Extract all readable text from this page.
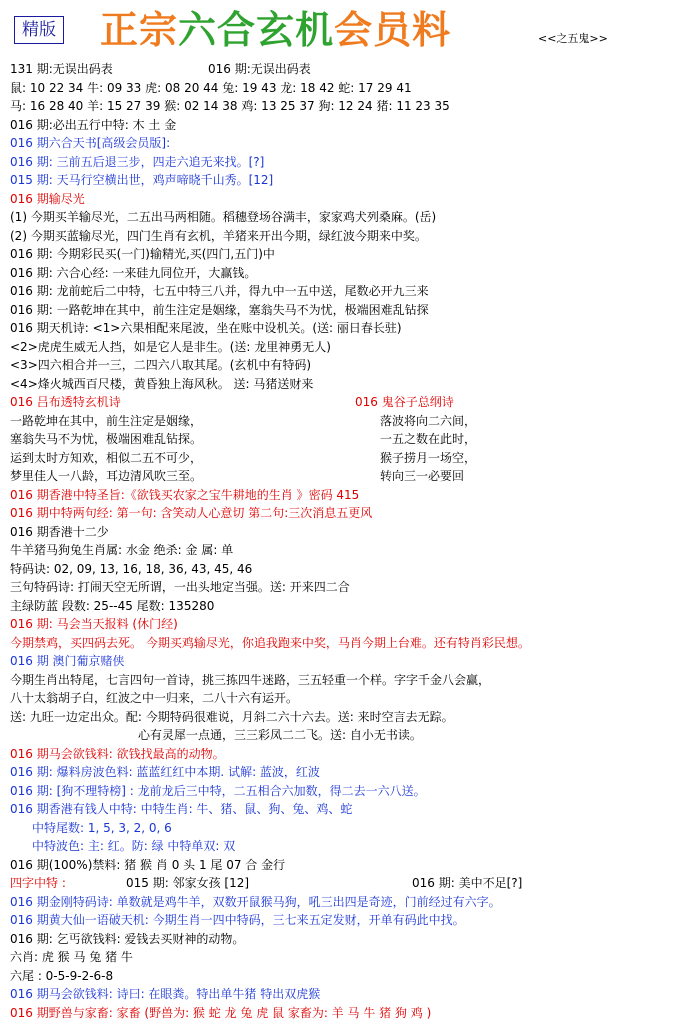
精版 正宗六合玄机会员料	<<之五鬼>>
131 期:无误出码表	016 期:无误出码表
鼠: 10 22 34 牛: 09 33 虎: 08 20 44 兔: 19 43 龙: 18 42 蛇: 17 29 41
马: 16 28 40 羊: 15 27 39 猴: 02 14 38 鸡: 13 25 37 狗: 12 24 猪: 11 23 35
016 期:必出五行中特: 木 土 金
016 期六合天书[高级会员版]:
016 期: 三前五后退三步，四走六追无来找。[?]
015 期: 天马行空横出世，鸡声啼晓千山秀。[12]
016 期输尽光
(1) 今期买羊输尽光，二五出马两相随。稻穗登场谷满丰，家家鸡犬列桑麻。(岳)
(2) 今期买蓝输尽光，四门生肖有玄机，羊猪来开出今期，绿红波今期来中奖。
016 期: 今期彩民买(一门)输精光,买(四门,五门)中
016 期: 六合心经: 一来硅九同位开，大赢钱。
016 期: 龙前蛇后二中特，七五中特三八并，得九中一五中送，尾数必开九三来
016 期: 一路乾坤在其中，前生注定是姻缘，塞翁失马不为忧，极端困难乱钻探
016 期天机诗: <1>六果相配来尾波，坐在账中设机关。(送: 丽日春长驻)
<2>虎虎生威无人挡，如是它人是非生。(送: 龙里神勇无人)
<3>四六相合并一三，二四六八取其尾。(玄机中有特码)
<4>烽火城西百尺楼，黄昏独上海风秋。 送: 马猪送财来
016 吕布透特玄机诗	016 鬼谷子总纲诗
一路乾坤在其中，前生注定是姻缘，	落波将向二六间，
塞翁失马不为忧，极端困难乱钻探。	一五之数在此时，
运到太时方知欢，相似二五不可少，	猴子捞月一场空，
梦里佳人一八龄，耳边清风吹三至。	转向三一必要回
016 期香港中特圣旨:《欲钱买农家之宝牛耕地的生肖 》密码 415
016 期中特两句经: 第一句: 含笑动人心意切 第二句:三次消息五更风
016 期香港十二少
牛羊猪马狗兔生肖属: 水金 绝杀: 金 属: 单
特码诀: 02, 09, 13, 16, 18, 36, 43, 45, 46
三句特码诗: 打闹天空无所谓，一出头地定当强。送: 开来四二合
主绿防蓝 段数: 25--45 尾数: 135280
016 期: 马会当天报料 (休门经)
今期禁鸡，买四码去死。 今期买鸡输尽光，你追我跑来中奖，马肖今期上台难。还有特肖彩民想。
016 期 澳门葡京赌侠
今期生肖出特尾，七言四句一首诗，挑三拣四牛迷路，三五轻重一个样。字字千金八会赢，
八十太翁胡子白，红波之中一归来，二八十六有运开。
送: 九旺一边定出众。配: 今期特码很难说，月斜二六十六去。送: 来时空言去无踪。
心有灵犀一点通，三三彩凤二二飞。送: 自小无书读。
016 期马会欲钱料: 欲钱找最高的动物。
016 期: 爆料房波色料: 蓝蓝红红中本期. 试解: 蓝波，红波
016 期: [狗不理特榜] : 龙前龙后三中特，二五相合六加数，得二去一六八送。
016 期香港有钱人中特: 中特生肖: 牛、猪、鼠、狗、兔、鸡、蛇
中特尾数: 1, 5, 3, 2, 0, 6
中特波色: 主: 红。防: 绿 中特单双: 双
016 期(100%)禁料: 猪 猴 肖 0 头 1 尾 07 合 金行
四字中特 :	015 期: 邻家女孩 [12]	016 期: 美中不足[?]
016 期金刚特码诗: 单数就是鸡牛羊，双数开鼠猴马狗，吼三出四是奇迹，门前经过有六字。
016 期黄大仙一语破天机: 今期生肖一四中特码，三七来五定发财，开单有码此中找。
016 期: 乞丐欲钱料: 爱钱去买财神的动物。
六肖: 虎 猴 马 兔 猪 牛
六尾 : 0-5-9-2-6-8
016 期马会欲钱料: 诗曰: 在眼粪。特出单牛猪 特出双虎猴
016 期野兽与家畜: 家畜 (野兽为: 猴 蛇 龙 兔 虎 鼠 家畜为: 羊 马 牛 猪 狗 鸡 )
